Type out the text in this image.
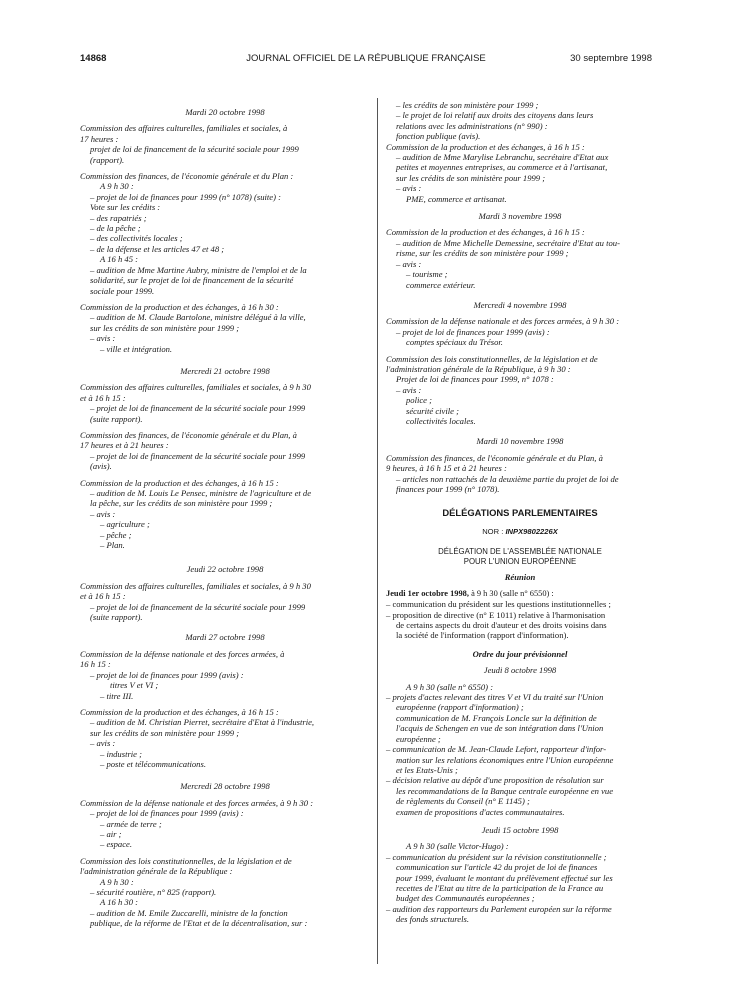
14868	JOURNAL OFFICIEL DE LA RÉPUBLIQUE FRANÇAISE	30 septembre 1998

Mardi 20 octobre 1998

Commission des affaires culturelles, familiales et sociales, à

17 heures :

projet de loi de financement de la sécurité sociale pour 1999

(rapport).

Commission des finances, de l'économie générale et du Plan :

A 9 h 30 :

– projet de loi de finances pour 1999 (n° 1078) (suite) :

Vote sur les crédits :

– des rapatriés ;

– de la pêche ;

– des collectivités locales ;

– de la défense et les articles 47 et 48 ;

A 16 h 45 :

– audition de Mme Martine Aubry, ministre de l'emploi et de la

solidarité, sur le projet de loi de financement de la sécurité

sociale pour 1999.

Commission de la production et des échanges, à 16 h 30 :

– audition de M. Claude Bartolone, ministre délégué à la ville,

sur les crédits de son ministère pour 1999 ;

– avis :

– ville et intégration.

Mercredi 21 octobre 1998

Commission des affaires culturelles, familiales et sociales, à 9 h 30

et à 16 h 15 :

– projet de loi de financement de la sécurité sociale pour 1999

(suite rapport).

Commission des finances, de l'économie générale et du Plan, à

17 heures et à 21 heures :

– projet de loi de financement de la sécurité sociale pour 1999

(avis).

Commission de la production et des échanges, à 16 h 15 :

– audition de M. Louis Le Pensec, ministre de l'agriculture et de

la pêche, sur les crédits de son ministère pour 1999 ;

– avis :

– agriculture ;

– pêche ;

– Plan.

Jeudi 22 octobre 1998

Commission des affaires culturelles, familiales et sociales, à 9 h 30

et à 16 h 15 :

– projet de loi de financement de la sécurité sociale pour 1999

(suite rapport).

Mardi 27 octobre 1998

Commission de la défense nationale et des forces armées, à

16 h 15 :

– projet de loi de finances pour 1999 (avis) :

titres V et VI ;

– titre III.

Commission de la production et des échanges, à 16 h 15 :

– audition de M. Christian Pierret, secrétaire d'Etat à l'industrie,

sur les crédits de son ministère pour 1999 ;

– avis :

– industrie ;

– poste et télécommunications.

Mercredi 28 octobre 1998

Commission de la défense nationale et des forces armées, à 9 h 30 :

– projet de loi de finances pour 1999 (avis) :

– armée de terre ;

– air ;

– espace.

Commission des lois constitutionnelles, de la législation et de

l'administration générale de la République :

A 9 h 30 :

– sécurité routière, n° 825 (rapport).

A 16 h 30 :

– audition de M. Emile Zuccarelli, ministre de la fonction

publique, de la réforme de l'Etat et de la décentralisation, sur :

– les crédits de son ministère pour 1999 ;

– le projet de loi relatif aux droits des citoyens dans leurs

relations avec les administrations (n° 990) :

fonction publique (avis).

Commission de la production et des échanges, à 16 h 15 :

– audition de Mme Marylise Lebranchu, secrétaire d'Etat aux

petites et moyennes entreprises, au commerce et à l'artisanat,

sur les crédits de son ministère pour 1999 ;

– avis :

PME, commerce et artisanat.

Mardi 3 novembre 1998

Commission de la production et des échanges, à 16 h 15 :

– audition de Mme Michelle Demessine, secrétaire d'Etat au tou-

risme, sur les crédits de son ministère pour 1999 ;

– avis :

– tourisme ;

commerce extérieur.

Mercredi 4 novembre 1998

Commission de la défense nationale et des forces armées, à 9 h 30 :

– projet de loi de finances pour 1999 (avis) :

comptes spéciaux du Trésor.

Commission des lois constitutionnelles, de la législation et de

l'administration générale de la République, à 9 h 30 :

Projet de loi de finances pour 1999, n° 1078 :

– avis :

police ;

sécurité civile ;

collectivités locales.

Mardi 10 novembre 1998

Commission des finances, de l'économie générale et du Plan, à

9 heures, à 16 h 15 et à 21 heures :

– articles non rattachés de la deuxième partie du projet de loi de

finances pour 1999 (n° 1078).

DÉLÉGATIONS PARLEMENTAIRES

NOR : INPX9802226X

DÉLÉGATION DE L'ASSEMBLÉE NATIONALE

POUR L'UNION EUROPÉENNE

Réunion

Jeudi 1er octobre 1998, à 9 h 30 (salle n° 6550) :

– communication du président sur les questions institutionnelles ;

– proposition de directive (n° E 1011) relative à l'harmonisation

de certains aspects du droit d'auteur et des droits voisins dans

la société de l'information (rapport d'information).

Ordre du jour prévisionnel

Jeudi 8 octobre 1998

A 9 h 30 (salle n° 6550) :

– projets d'actes relevant des titres V et VI du traité sur l'Union

européenne (rapport d'information) ;

communication de M. François Loncle sur la définition de

l'acquis de Schengen en vue de son intégration dans l'Union

européenne ;

– communication de M. Jean-Claude Lefort, rapporteur d'infor-

mation sur les relations économiques entre l'Union européenne

et les Etats-Unis ;

– décision relative au dépôt d'une proposition de résolution sur

les recommandations de la Banque centrale européenne en vue

de règlements du Conseil (n° E 1145) ;

examen de propositions d'actes communautaires.

Jeudi 15 octobre 1998

A 9 h 30 (salle Victor-Hugo) :

– communication du président sur la révision constitutionnelle ;

communication sur l'article 42 du projet de loi de finances

pour 1999, évaluant le montant du prélèvement effectué sur les

recettes de l'Etat au titre de la participation de la France au

budget des Communautés européennes ;

– audition des rapporteurs du Parlement européen sur la réforme

des fonds structurels.
